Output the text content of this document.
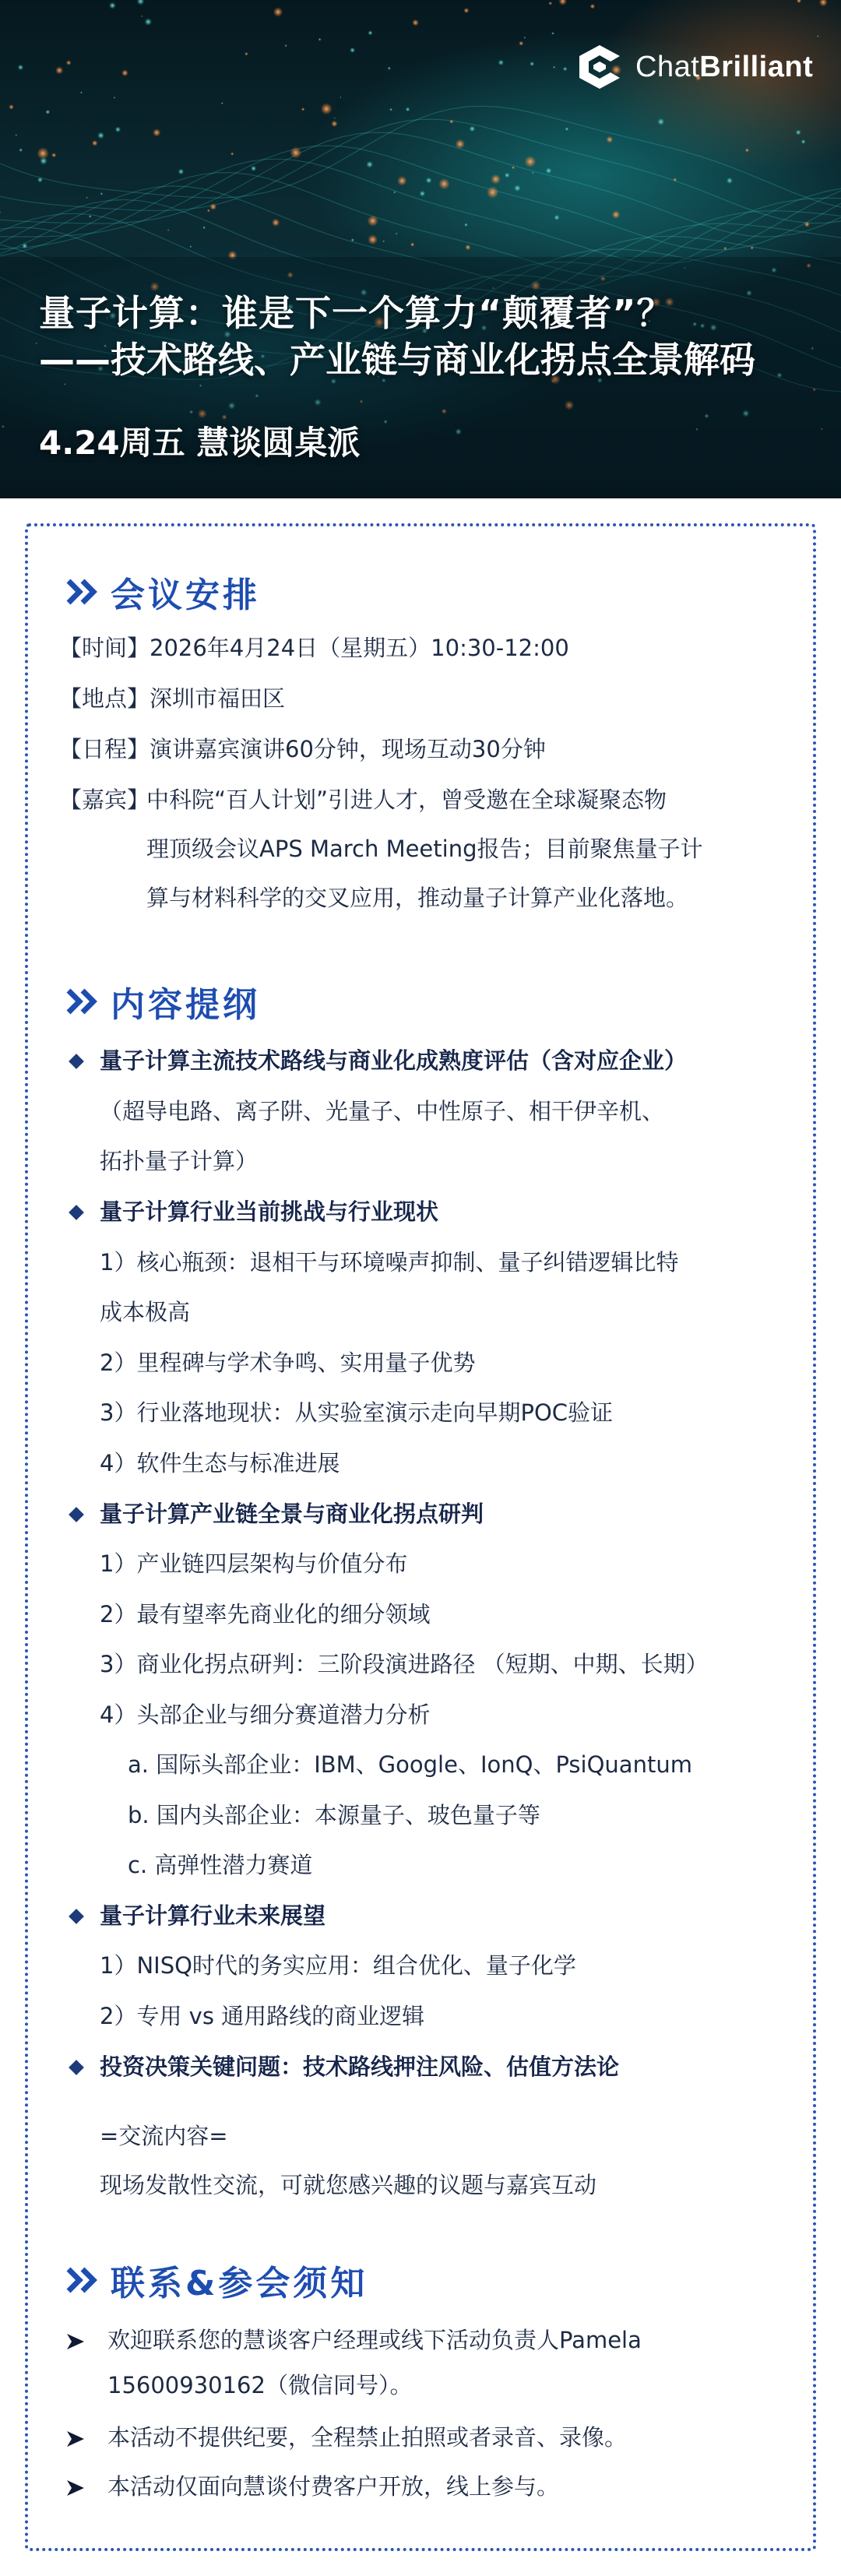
ChatBrilliant
量子计算：谁是下一个算力“颠覆者”？
——技术路线、产业链与商业化拐点全景解码
4.24周五 慧谈圆桌派
会议安排
【时间】2026年4月24日（星期五）10:30-12:00
【地点】深圳市福田区
【日程】演讲嘉宾演讲60分钟，现场互动30分钟
【嘉宾】
中科院“百人计划”引进人才，曾受邀在全球凝聚态物
理顶级会议APS March Meeting报告；目前聚焦量子计
算与材料科学的交叉应用，推动量子计算产业化落地。
内容提纲
量子计算主流技术路线与商业化成熟度评估（含对应企业）
（超导电路、离子阱、光量子、中性原子、相干伊辛机、
拓扑量子计算）
量子计算行业当前挑战与行业现状
1）核心瓶颈：退相干与环境噪声抑制、量子纠错逻辑比特
成本极高
2）里程碑与学术争鸣、实用量子优势
3）行业落地现状：从实验室演示走向早期POC验证
4）软件生态与标准进展
量子计算产业链全景与商业化拐点研判
1）产业链四层架构与价值分布
2）最有望率先商业化的细分领域
3）商业化拐点研判：三阶段演进路径 （短期、中期、长期）
4）头部企业与细分赛道潜力分析
a. 国际头部企业：IBM、Google、IonQ、PsiQuantum
b. 国内头部企业：本源量子、玻色量子等
c. 高弹性潜力赛道
量子计算行业未来展望
1）NISQ时代的务实应用：组合优化、量子化学
2）专用 vs 通用路线的商业逻辑
投资决策关键问题：技术路线押注风险、估值方法论
=交流内容=
现场发散性交流，可就您感兴趣的议题与嘉宾互动
联系&参会须知
欢迎联系您的慧谈客户经理或线下活动负责人Pamela
15600930162（微信同号）。
本活动不提供纪要，全程禁止拍照或者录音、录像。
本活动仅面向慧谈付费客户开放，线上参与。
